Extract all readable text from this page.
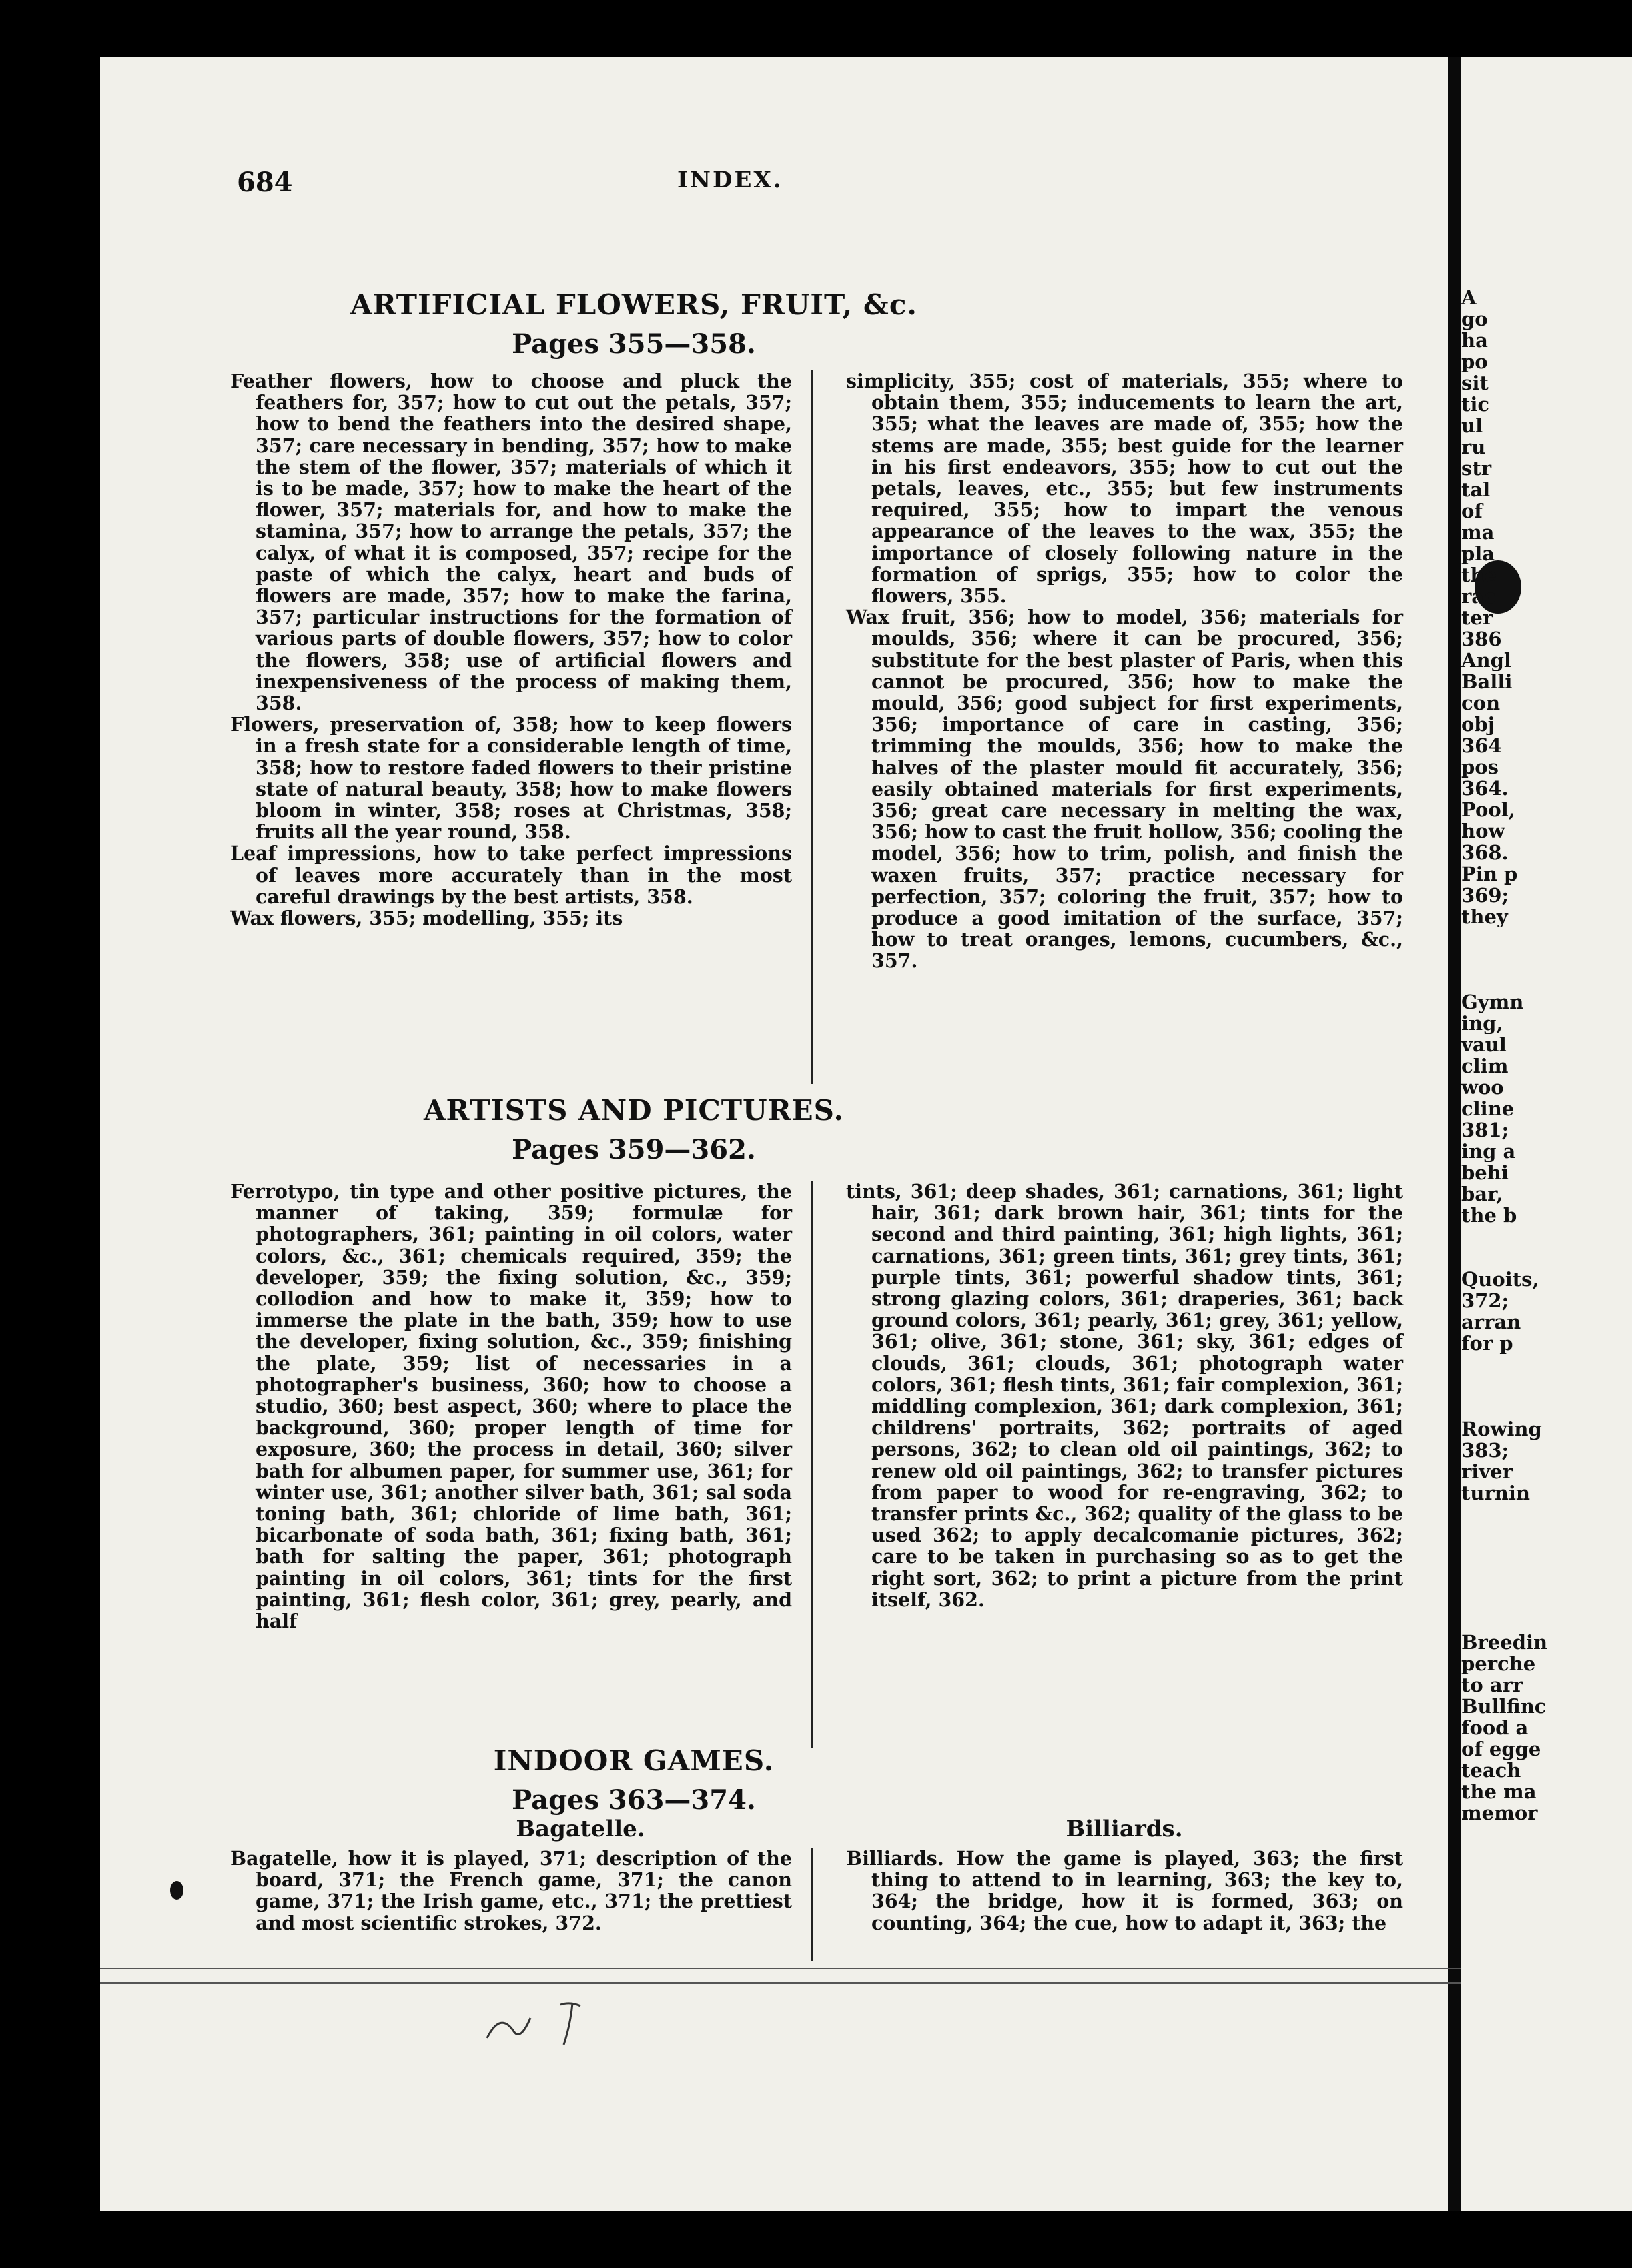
684	INDEX.
ARTIFICIAL FLOWERS, FRUIT, &c.
Pages 355—358.

Feather flowers, how to choose and pluck the feathers for, 357; how to cut out the petals, 357; how to bend the feathers into the desired shape, 357; care necessary in bending, 357; how to make the stem of the flower, 357; materials of which it is to be made, 357; how to make the heart of the flower, 357; materials for, and how to make the stamina, 357; how to arrange the petals, 357; the calyx, of what it is composed, 357; recipe for the paste of which the calyx, heart and buds of flowers are made, 357; how to make the farina, 357; particular instructions for the formation of various parts of double flowers, 357; how to color the flowers, 358; use of artificial flowers and inexpensiveness of the process of making them, 358.

Flowers, preservation of, 358; how to keep flowers in a fresh state for a considerable length of time, 358; how to restore faded flowers to their pristine state of natural beauty, 358; how to make flowers bloom in winter, 358; roses at Christmas, 358; fruits all the year round, 358.

Leaf impressions, how to take perfect impressions of leaves more accurately than in the most careful drawings by the best artists, 358.

Wax flowers, 355; modelling, 355; its

simplicity, 355; cost of materials, 355; where to obtain them, 355; inducements to learn the art, 355; what the leaves are made of, 355; how the stems are made, 355; best guide for the learner in his first endeavors, 355; how to cut out the petals, leaves, etc., 355; but few instruments required, 355; how to impart the venous appearance of the leaves to the wax, 355; the importance of closely following nature in the formation of sprigs, 355; how to color the flowers, 355.

Wax fruit, 356; how to model, 356; materials for moulds, 356; where it can be procured, 356; substitute for the best plaster of Paris, when this cannot be procured, 356; how to make the mould, 356; good subject for first experiments, 356; importance of care in casting, 356; trimming the moulds, 356; how to make the halves of the plaster mould fit accurately, 356; easily obtained materials for first experiments, 356; great care necessary in melting the wax, 356; how to cast the fruit hollow, 356; cooling the model, 356; how to trim, polish, and finish the waxen fruits, 357; practice necessary for perfection, 357; coloring the fruit, 357; how to produce a good imitation of the surface, 357; how to treat oranges, lemons, cucumbers, &c., 357.

ARTISTS AND PICTURES.
Pages 359—362.

Ferrotypo, tin type and other positive pictures, the manner of taking, 359; formulæ for photographers, 361; painting in oil colors, water colors, &c., 361; chemicals required, 359; the developer, 359; the fixing solution, &c., 359; collodion and how to make it, 359; how to immerse the plate in the bath, 359; how to use the developer, fixing solution, &c., 359; finishing the plate, 359; list of necessaries in a photographer's business, 360; how to choose a studio, 360; best aspect, 360; where to place the background, 360; proper length of time for exposure, 360; the process in detail, 360; silver bath for albumen paper, for summer use, 361; for winter use, 361; another silver bath, 361; sal soda toning bath, 361; chloride of lime bath, 361; bicarbonate of soda bath, 361; fixing bath, 361; bath for salting the paper, 361; photograph painting in oil colors, 361; tints for the first painting, 361; flesh color, 361; grey, pearly, and half

tints, 361; deep shades, 361; carnations, 361; light hair, 361; dark brown hair, 361; tints for the second and third painting, 361; high lights, 361; carnations, 361; green tints, 361; grey tints, 361; purple tints, 361; powerful shadow tints, 361; strong glazing colors, 361; draperies, 361; back ground colors, 361; pearly, 361; grey, 361; yellow, 361; olive, 361; stone, 361; sky, 361; edges of clouds, 361; clouds, 361; photograph water colors, 361; flesh tints, 361; fair complexion, 361; middling complexion, 361; dark complexion, 361; childrens' portraits, 362; portraits of aged persons, 362; to clean old oil paintings, 362; to renew old oil paintings, 362; to transfer pictures from paper to wood for re-engraving, 362; to transfer prints &c., 362; quality of the glass to be used 362; to apply decalcomanie pictures, 362; care to be taken in purchasing so as to get the right sort, 362; to print a picture from the print itself, 362.

INDOOR GAMES.
Pages 363—374.
Bagatelle.	Billiards.

Bagatelle, how it is played, 371; description of the board, 371; the French game, 371; the canon game, 371; the Irish game, etc., 371; the prettiest and most scientific strokes, 372.

Billiards. How the game is played, 363; the first thing to attend to in learning, 363; the key to, 364; the bridge, how it is formed, 363; on counting, 364; the cue, how to adapt it, 363; the

A
go
ha
po
sit
tic
ul
ru
str
tal
of
ma
pla
the
rac
ter
386
Angl
Balli
con
obj
364
pos
364.
Pool,
how
368.
Pin p
369;
they

Gymn
ing,
vaul
clim
woo
cline
381;
ing a
behi
bar,
the b

Quoits,
372;
arran
for p

Rowing
383;
river
turnin

Breedin
perche
to arr
Bullfinc
food a
of egge
teach
the ma
memor
